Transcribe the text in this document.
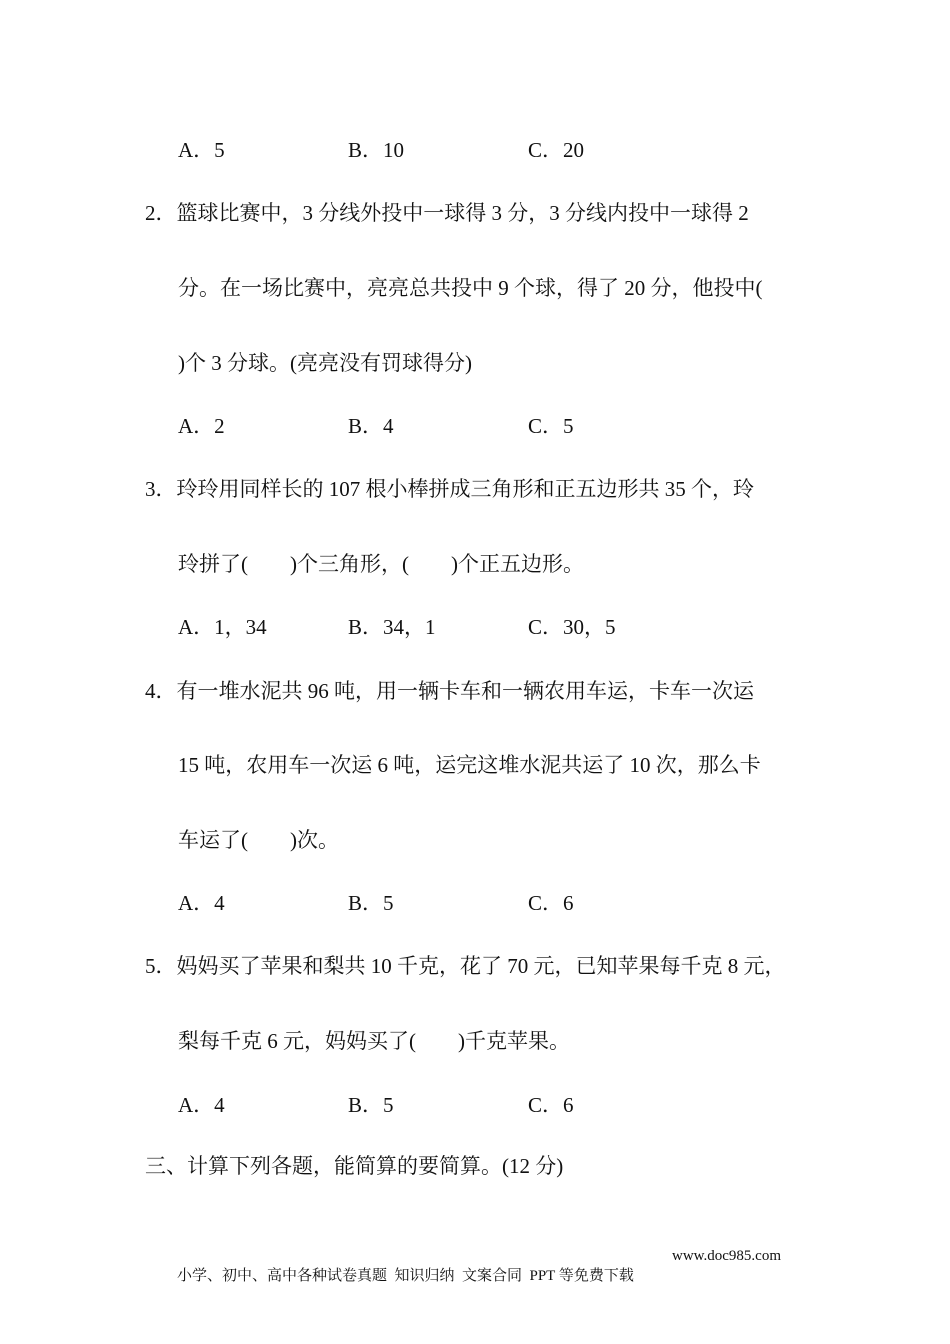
A．5	B．10	C．20
2．篮球比赛中，3 分线外投中一球得 3 分，3 分线内投中一球得 2
分。在一场比赛中，亮亮总共投中 9 个球，得了 20 分，他投中(
)个 3 分球。(亮亮没有罚球得分)
A．2	B．4	C．5
3．玲玲用同样长的 107 根小棒拼成三角形和正五边形共 35 个，玲
玲拼了(　　)个三角形，(　　)个正五边形。
A．1，34	B．34，1	C．30，5
4．有一堆水泥共 96 吨，用一辆卡车和一辆农用车运，卡车一次运
15 吨，农用车一次运 6 吨，运完这堆水泥共运了 10 次，那么卡
车运了(　　)次。
A．4	B．5	C．6
5．妈妈买了苹果和梨共 10 千克，花了 70 元，已知苹果每千克 8 元，
梨每千克 6 元，妈妈买了(　　)千克苹果。
A．4	B．5	C．6
三、计算下列各题，能简算的要简算。(12 分)

小学、初中、高中各种试卷真题  知识归纳  文案合同  PPT 等免费下载

www.doc985.com
